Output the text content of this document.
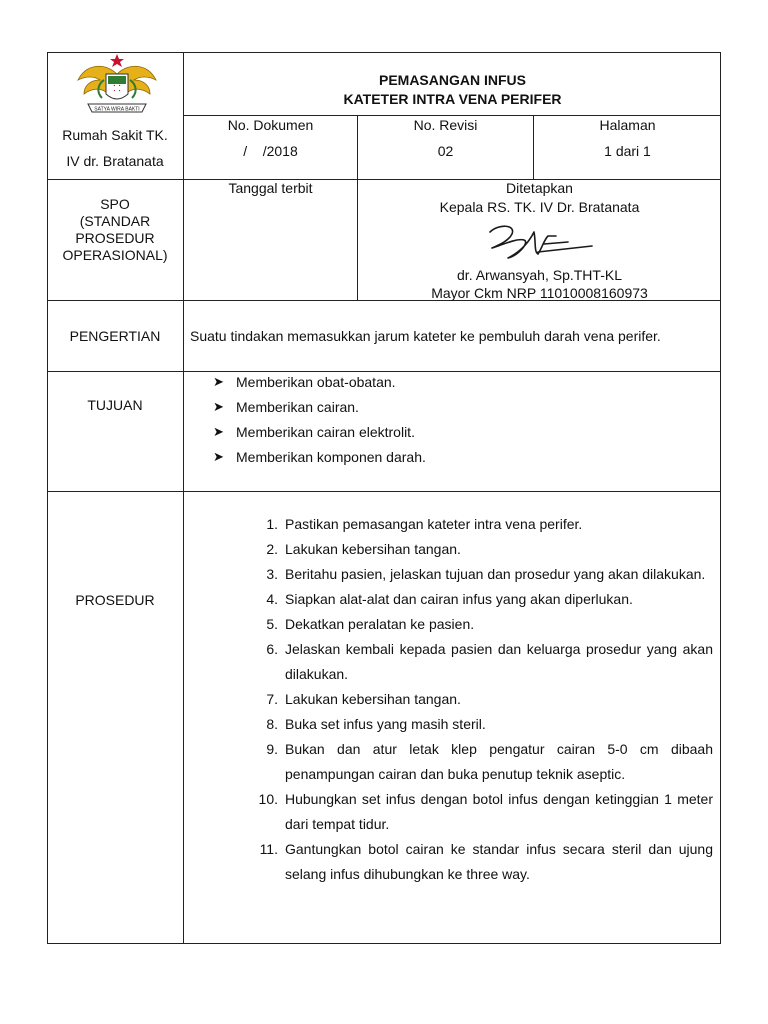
SATYA WIRA BAKTI
Rumah Sakit TK.
IV dr. Bratanata
PEMASANGAN INFUS
KATETER INTRA VENA PERIFER
No. Dokumen
/    /2018
No. Revisi
02
Halaman
1 dari 1
SPO
(STANDAR
PROSEDUR
OPERASIONAL)
Tanggal terbit	Ditetapkan
Kepala RS. TK. IV Dr. Bratanata
dr. Arwansyah, Sp.THT-KL
Mayor Ckm NRP 11010008160973
PENGERTIAN	Suatu tindakan memasukkan jarum kateter ke pembuluh darah vena perifer.
TUJUAN
➤ Memberikan obat-obatan.
➤ Memberikan cairan.
➤ Memberikan cairan elektrolit.
➤ Memberikan komponen darah.
PROSEDUR
1. Pastikan pemasangan kateter intra vena perifer.
2. Lakukan kebersihan tangan.
3. Beritahu pasien, jelaskan tujuan dan prosedur yang akan dilakukan.
4. Siapkan alat-alat dan cairan infus yang akan diperlukan.
5. Dekatkan peralatan ke pasien.
6. Jelaskan kembali kepada pasien dan keluarga prosedur yang akan dilakukan.
7. Lakukan kebersihan tangan.
8. Buka set infus yang masih steril.
9. Bukan dan atur letak klep pengatur cairan 5-0 cm dibaah penampungan cairan dan buka penutup teknik aseptic.
10. Hubungkan set infus dengan botol infus dengan ketinggian 1 meter dari tempat tidur.
11. Gantungkan botol cairan ke standar infus secara steril dan ujung selang infus dihubungkan ke three way.
